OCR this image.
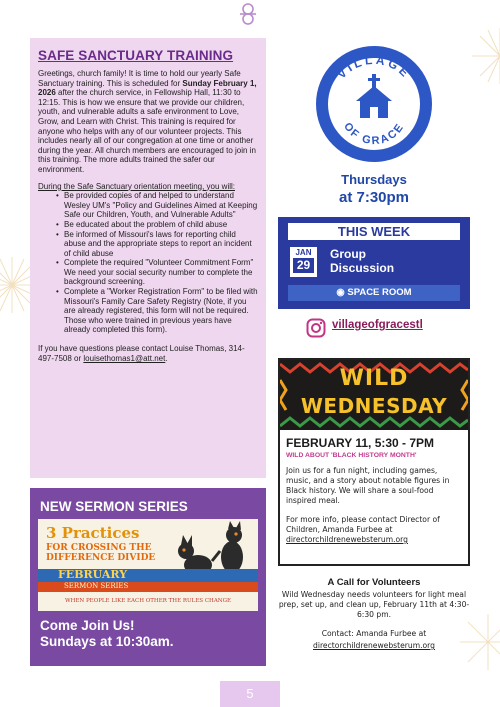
SAFE SANCTUARY TRAINING

Greetings, church family! It is time to hold our yearly Safe Sanctuary training. This is scheduled for Sunday February 1, 2026 after the church service, in Fellowship Hall, 11:30 to 12:15. This is how we ensure that we provide our children, youth, and vulnerable adults a safe environment to Love, Grow, and Learn with Christ. This training is required for anyone who helps with any of our volunteer projects. This includes nearly all of our congregation at one time or another during the year. All church members are encouraged to join in this training. The more adults trained the safer our environment.

During the Safe Sanctuary orientation meeting, you will:
• Be provided copies of and helped to understand Wesley UM's "Policy and Guidelines Aimed at Keeping Safe our Children, Youth, and Vulnerable Adults"
• Be educated about the problem of child abuse
• Be informed of Missouri's laws for reporting child abuse and the appropriate steps to report an incident of child abuse
• Complete the required "Volunteer Commitment Form" We need your social security number to complete the background screening.
• Complete a "Worker Registration Form" to be filed with Missouri's Family Care Safety Registry (Note, if you are already registered, this form will not be required. Those who were trained in previous years have already completed this form).

If you have questions please contact Louise Thomas, 314-497-7508 or louisethomas1@att.net.

NEW SERMON SERIES
3 Practices
FOR CROSSING THE DIFFERENCE DIVIDE
FEBRUARY
SERMON SERIES
WHEN PEOPLE LIKE EACH OTHER THE RULES CHANGE
Come Join Us!
Sundays at 10:30am.
VILLAGE
OF GRACE
Thursdays
at 7:30pm
THIS WEEK
JAN
29
Group
Discussion
◉ SPACE ROOM
villageofgracestl
WILD
WEDNESDAY
FEBRUARY 11, 5:30 - 7PM
WILD ABOUT 'BLACK HISTORY MONTH'

Join us for a fun night, including games, music, and a story about notable figures in Black history. We will share a soul-food inspired meal.

For more info, please contact Director of Children, Amanda Furbee at directorchildrenewebsterum.org

A Call for Volunteers

Wild Wednesday needs volunteers for light meal prep, set up, and clean up, February 11th at 4:30- 6:30 pm.

Contact: Amanda Furbee at

directorchildrenewebsterum.org

5
